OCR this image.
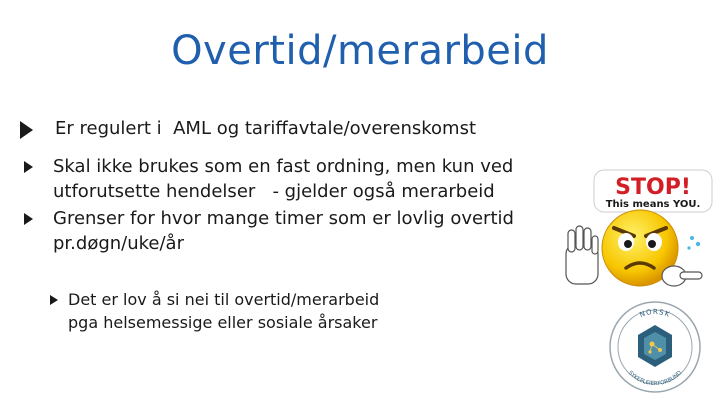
Overtid/merarbeid
Er regulert i  AML og tariffavtale/overenskomst
Skal ikke brukes som en fast ordning, men kun ved
utforutsette hendelser   - gjelder også merarbeid
Grenser for hvor mange timer som er lovlig overtid
pr.døgn/uke/år
Det er lov å si nei til overtid/merarbeid
pga helsemessige eller sosiale årsaker
STOP!
This means YOU.
NORSK
SYKEPLEIERFORBUND
